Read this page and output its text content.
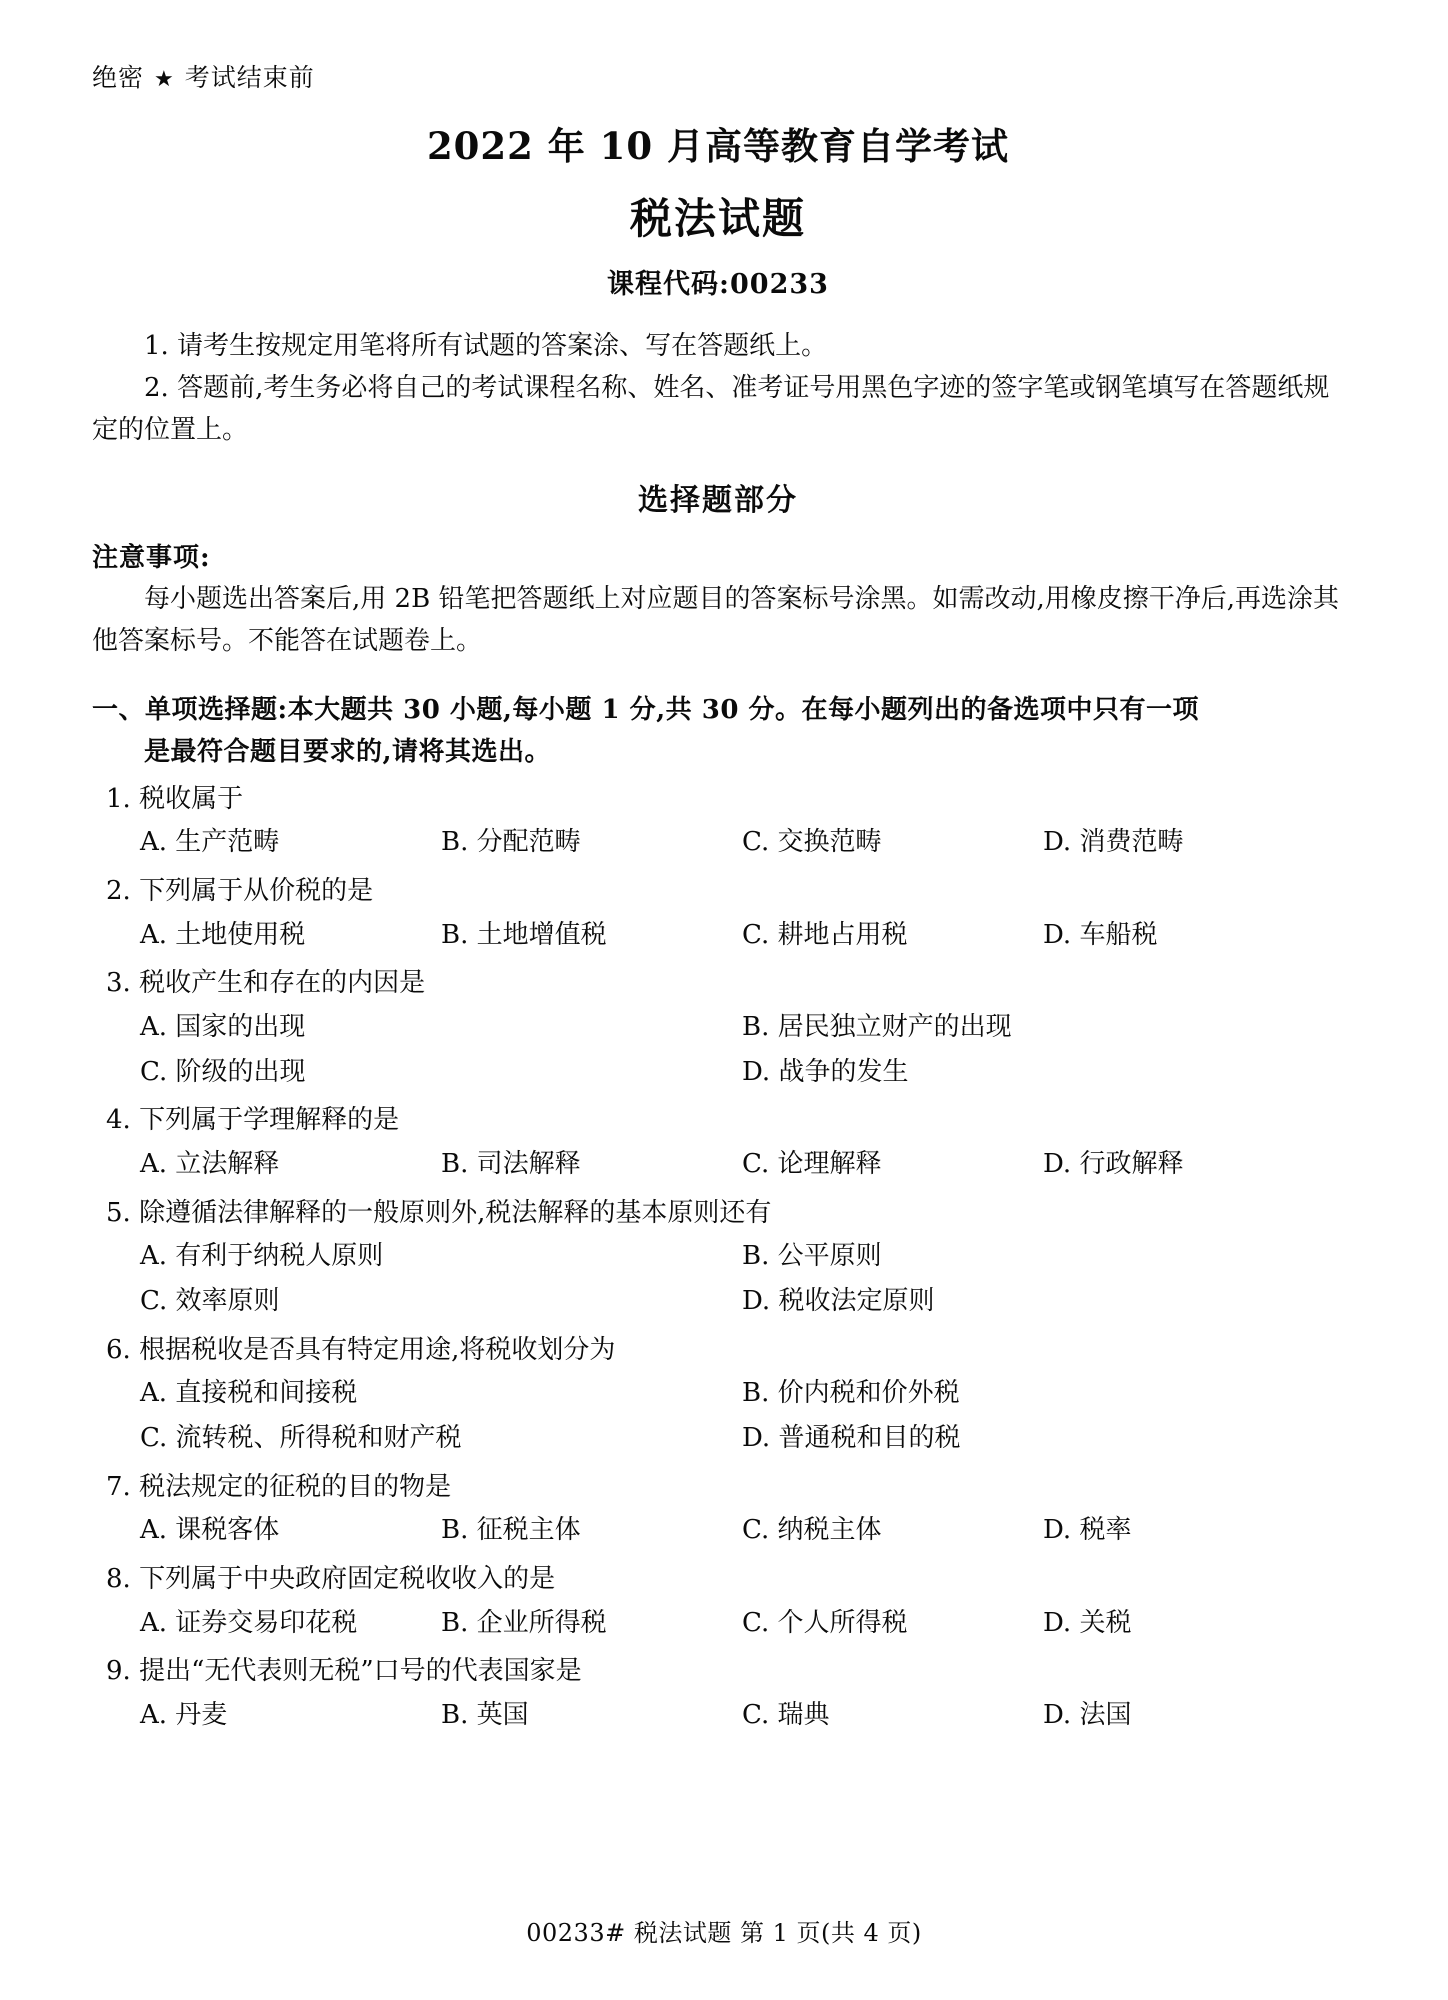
绝密 ★ 考试结束前
2022 年 10 月高等教育自学考试
税法试题
课程代码:00233
1. 请考生按规定用笔将所有试题的答案涂、写在答题纸上。
2. 答题前,考生务必将自己的考试课程名称、姓名、准考证号用黑色字迹的签字笔或钢笔填写在答题纸规定的位置上。
选择题部分
注意事项:
每小题选出答案后,用 2B 铅笔把答题纸上对应题目的答案标号涂黑。如需改动,用橡皮擦干净后,再选涂其他答案标号。不能答在试题卷上。
一、单项选择题:本大题共 30 小题,每小题 1 分,共 30 分。在每小题列出的备选项中只有一项
是最符合题目要求的,请将其选出。
1. 税收属于
A. 生产范畴	B. 分配范畴	C. 交换范畴	D. 消费范畴
2. 下列属于从价税的是
A. 土地使用税	B. 土地增值税	C. 耕地占用税	D. 车船税
3. 税收产生和存在的内因是
A. 国家的出现	B. 居民独立财产的出现
C. 阶级的出现	D. 战争的发生
4. 下列属于学理解释的是
A. 立法解释	B. 司法解释	C. 论理解释	D. 行政解释
5. 除遵循法律解释的一般原则外,税法解释的基本原则还有
A. 有利于纳税人原则	B. 公平原则
C. 效率原则	D. 税收法定原则
6. 根据税收是否具有特定用途,将税收划分为
A. 直接税和间接税	B. 价内税和价外税
C. 流转税、所得税和财产税	D. 普通税和目的税
7. 税法规定的征税的目的物是
A. 课税客体	B. 征税主体	C. 纳税主体	D. 税率
8. 下列属于中央政府固定税收收入的是
A. 证券交易印花税	B. 企业所得税	C. 个人所得税	D. 关税
9. 提出“无代表则无税”口号的代表国家是
A. 丹麦	B. 英国	C. 瑞典	D. 法国
00233# 税法试题 第 1 页(共 4 页)
